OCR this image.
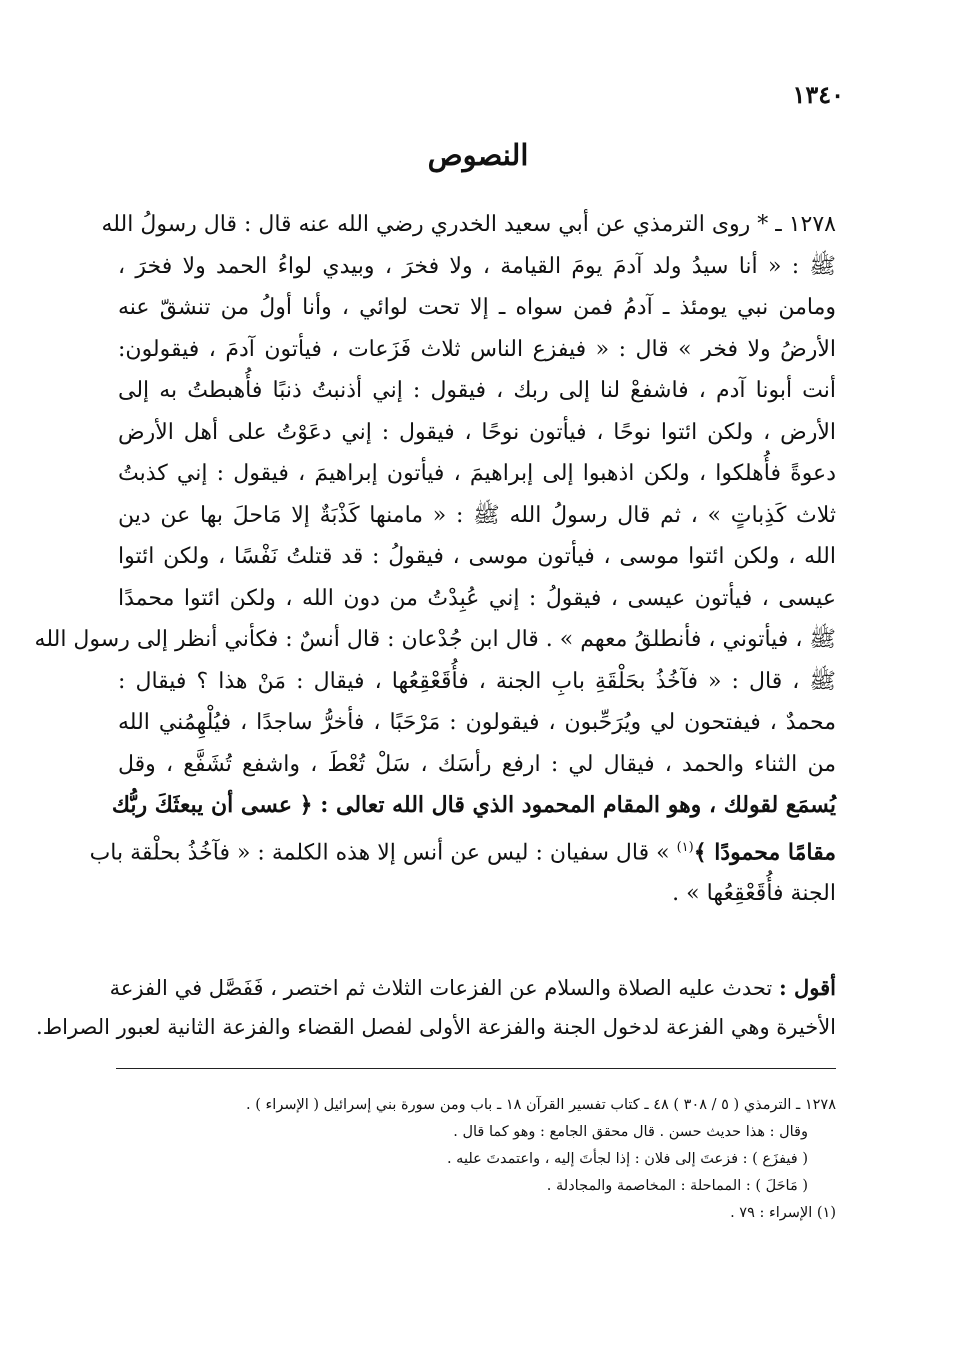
١٣٤٠
النصوص
١٢٧٨ ـ * روى الترمذي عن أبي سعيد الخدري رضي الله عنه قال : قال رسولُ الله
ﷺ : « أنا سيدُ ولد آدمَ يومَ القيامة ، ولا فخرَ ، وبيدي لواءُ الحمد ولا فخرَ ،
ومامن نبي يومئذ ـ آدمُ فمن سواه ـ إلا تحت لوائي ، وأنا أولُ من تنشقّ عنه
الأرضُ ولا فخر » قال : « فيفزع الناس ثلاث فَزَعات ، فيأتون آدمَ ، فيقولون:
أنت أبونا آدم ، فاشفعْ لنا إلى ربك ، فيقول : إني أذنبتُ ذنبًا فأُهبطتُ به إلى
الأرض ، ولكن ائتوا نوحًا ، فيأتون نوحًا ، فيقول : إني دعَوْتُ على أهل الأرض
دعوةً فأُهلكوا ، ولكن اذهبوا إلى إبراهيمَ ، فيأتون إبراهيمَ ، فيقول : إني كذبتُ
ثلاث كَذِباتٍ » ، ثم قال رسولُ الله ﷺ : « مامنها كَذْبَةٌ إلا مَاحلَ بها عن دين
الله ، ولكن ائتوا موسى ، فيأتون موسى ، فيقولُ : قد قتلتُ نَفْسًا ، ولكن ائتوا
عيسى ، فيأتون عيسى ، فيقولُ : إني عُبِدْتُ من دون الله ، ولكن ائتوا محمدًا
ﷺ ، فيأتوني ، فأنطلقُ معهم » . قال ابن جُدْعان : قال أنسٌ : فكأني أنظر إلى رسول الله
ﷺ ، قال : « فآخُذُ بحَلْقَةِ بابِ الجنة ، فأُقَعْقِعُها ، فيقال : مَنْ هذا ؟ فيقال :
محمدٌ ، فيفتحون لي ويُرَحِّبون ، فيقولون : مَرْحَبًا ، فأخرُّ ساجدًا ، فيُلْهِمُني الله
من الثناء والحمد ، فيقال لي : ارفع رأسَك ، سَلْ تُعْطَ ، واشفع تُشَفَّع ، وقل
يُسمَع لقولك ، وهو المقام المحمود الذي قال الله تعالى : ﴿ عسى أن يبعثَكَ ربُّك
مقامًا محمودًا ﴾$^{(١)}$ » قال سفيان : ليس عن أنس إلا هذه الكلمة : « فآخُذُ بحلْقة باب
الجنة فأُقَعْقِعُها » .
أقول : تحدث عليه الصلاة والسلام عن الفزعات الثلاث ثم اختصر ، فَفَصَّل في الفزعة
الأخيرة وهي الفزعة لدخول الجنة والفزعة الأولى لفصل القضاء والفزعة الثانية لعبور الصراط.
١٢٧٨ ـ الترمذي ( ٥ / ٣٠٨ ) ٤٨ ـ كتاب تفسير القرآن ١٨ ـ باب ومن سورة بني إسرائيل ( الإسراء ) .
وقال : هذا حديث حسن . قال محقق الجامع : وهو كما قال .
( فيفزَع ) : فزعتَ إلى فلان : إذا لجأتَ إليه ، واعتمدتَ عليه .
( مَاحَلَ ) : المماحلة : المخاصمة والمجادلة .
(١) الإسراء : ٧٩ .
